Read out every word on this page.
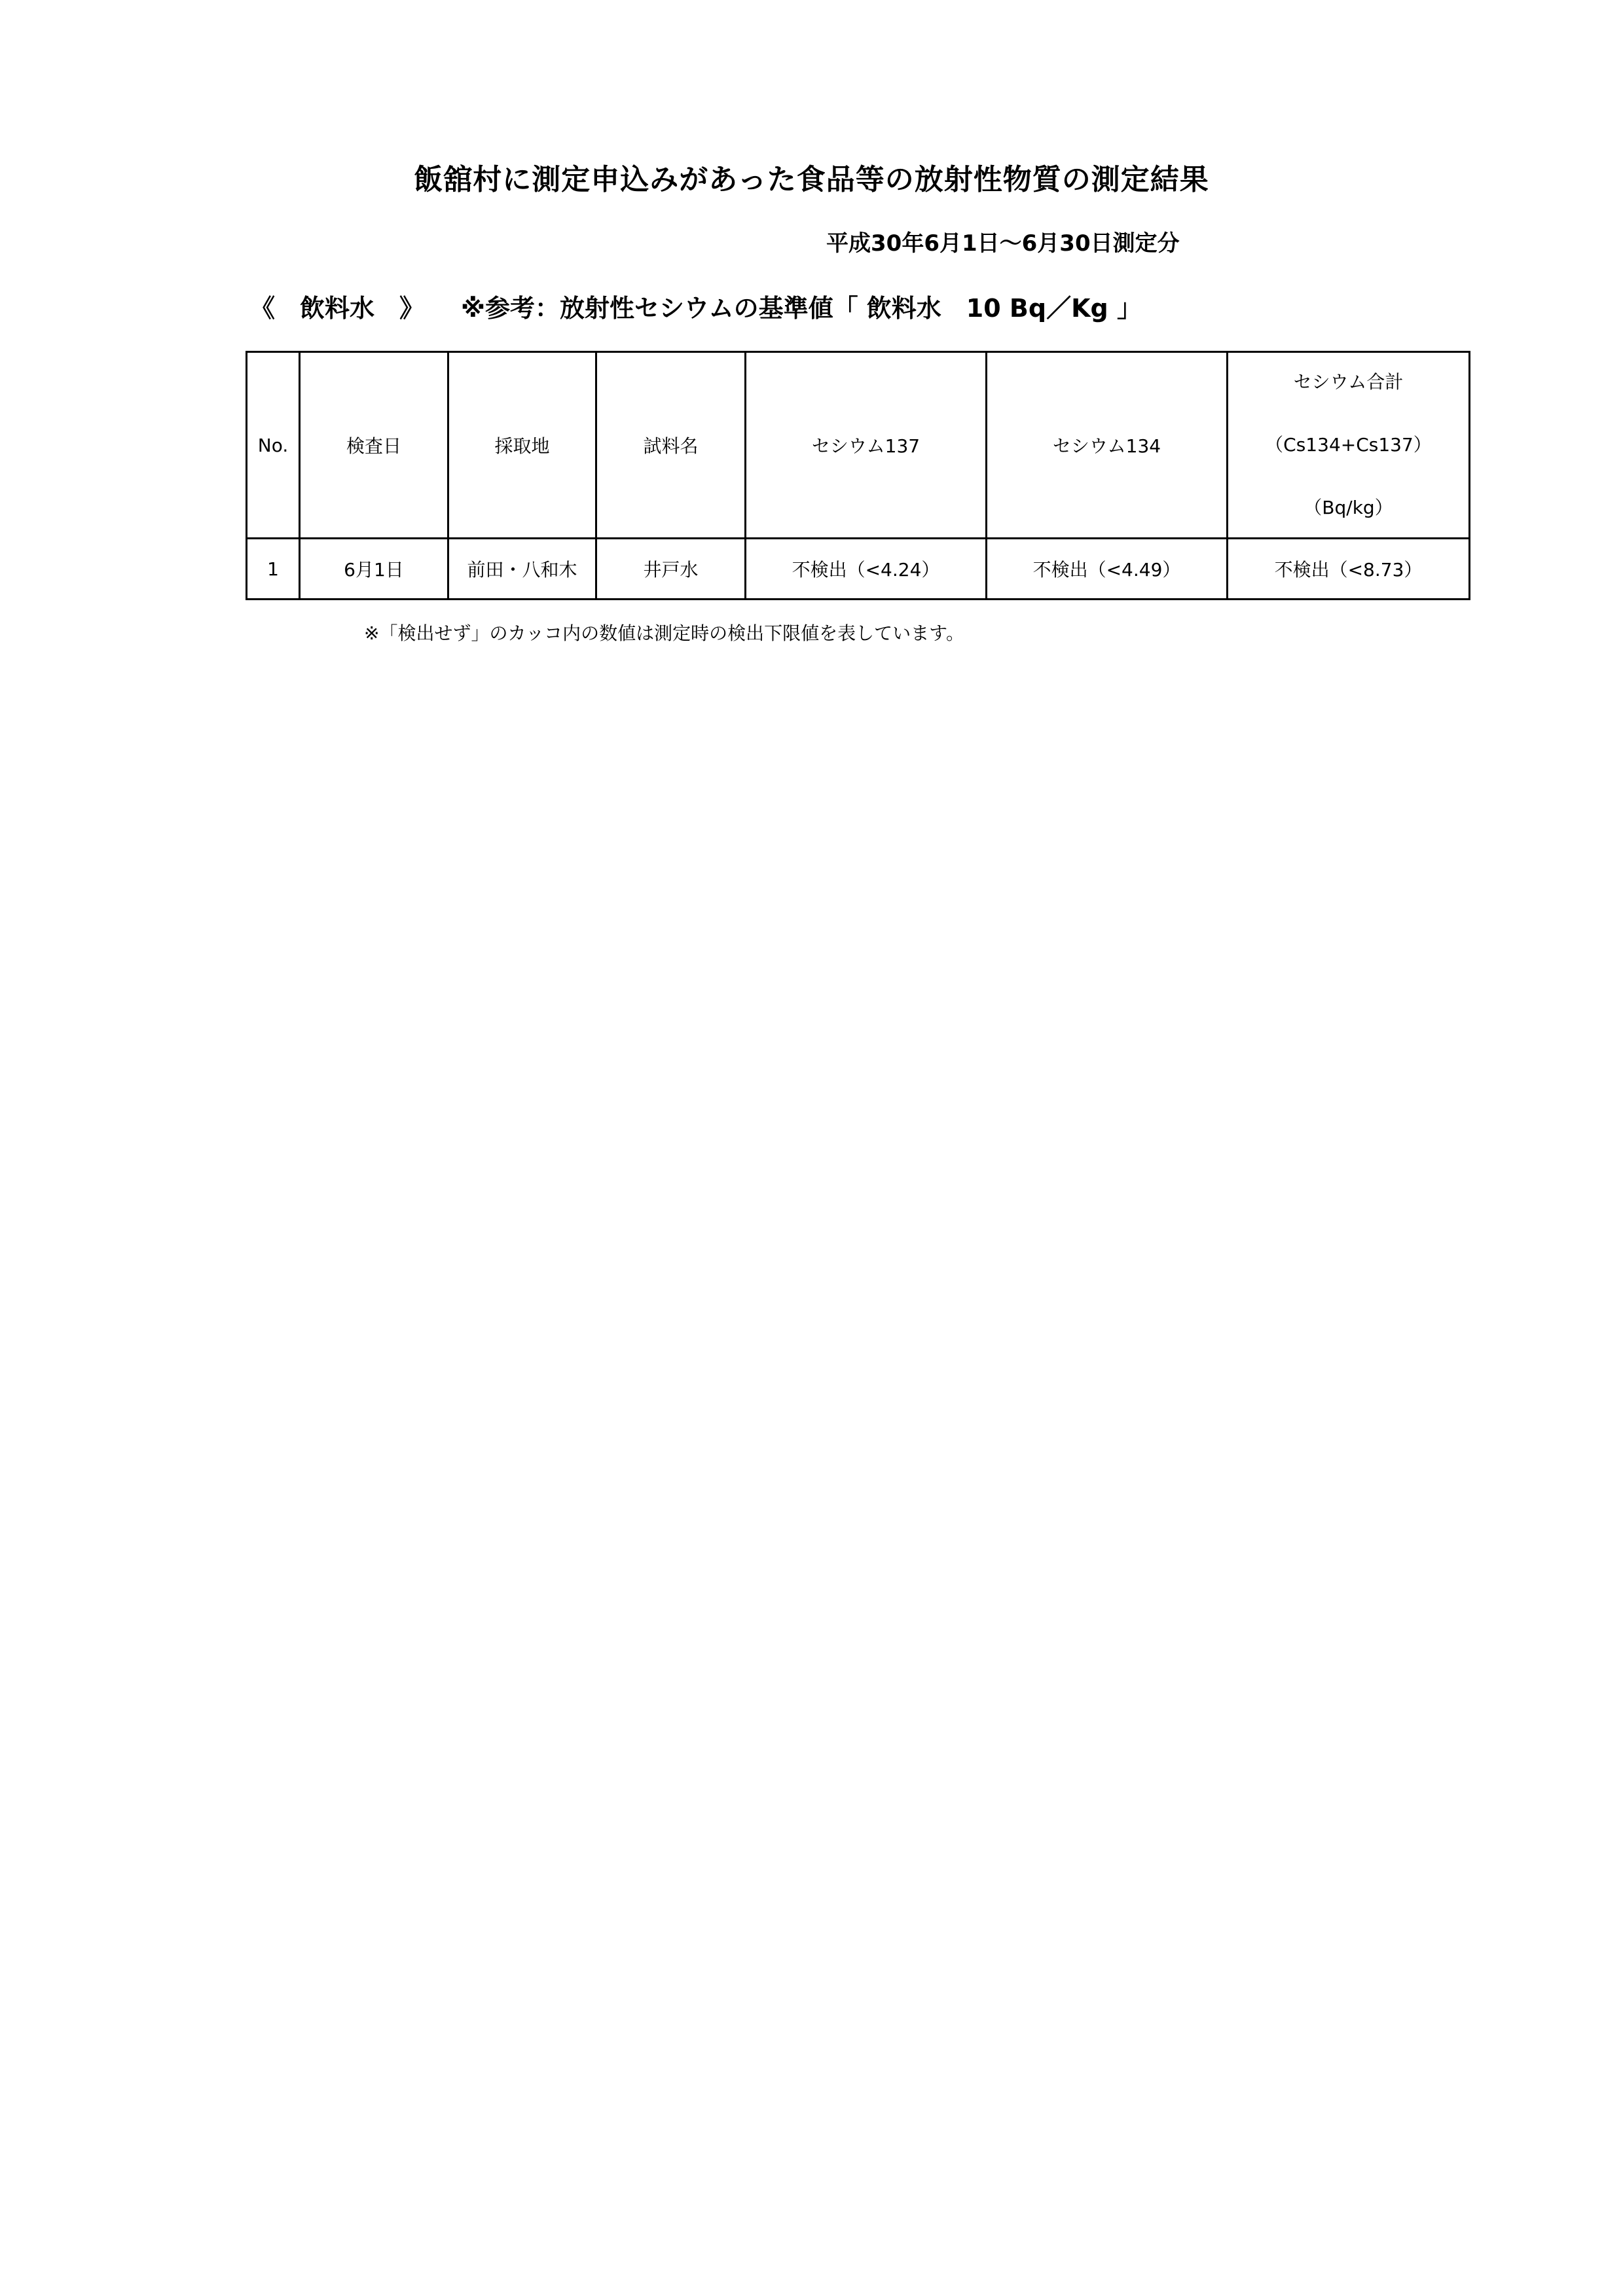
飯舘村に測定申込みがあった食品等の放射性物質の測定結果
平成30年6月1日～6月30日測定分
《　飲料水　》 ※参考：放射性セシウムの基準値「 飲料水　10 Bq／Kg 」
No.	検査日	採取地	試料名	セシウム137	セシウム134	セシウム合計
（Cs134+Cs137）
（Bq/kg）

1	6月1日	前田・八和木	井戸水	不検出（<4.24）	不検出（<4.49）	不検出（<8.73）
※「検出せず」のカッコ内の数値は測定時の検出下限値を表しています。
